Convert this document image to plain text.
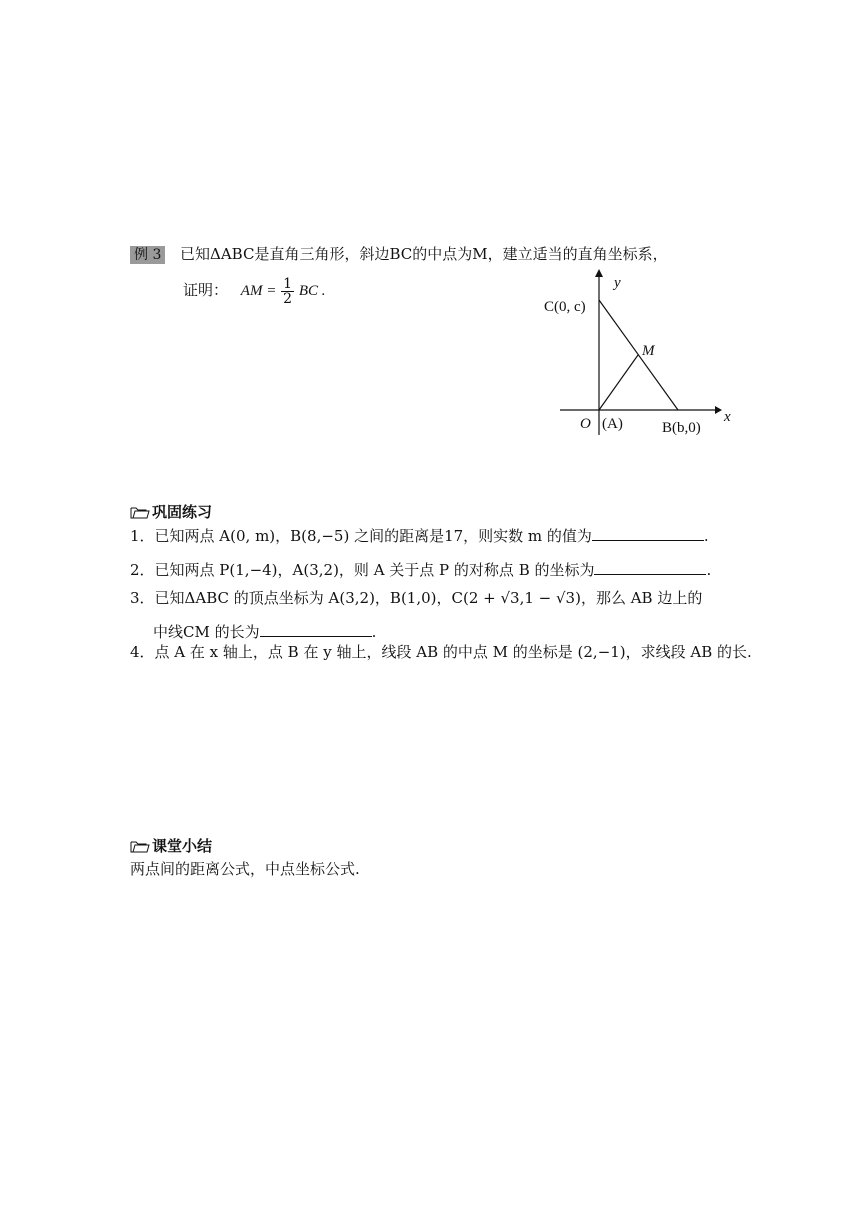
例 3 已知ΔABC是直角三角形，斜边BC的中点为M，建立适当的直角坐标系，
证明： AM = $\frac{1}{2}$ BC .	y
x
C(0, c)
M
O (A)	B(b,0)
巩固练习
1．已知两点 A(0, m)，B(8,−5) 之间的距离是17，则实数 m 的值为	.
2．已知两点 P(1,−4)，A(3,2)，则 A 关于点 P 的对称点 B 的坐标为	.
3．已知ΔABC 的顶点坐标为 A(3,2)，B(1,0)，C(2 + √3,1 − √3)，那么 AB 边上的
中线CM 的长为	.
4．点 A 在 x 轴上，点 B 在 y 轴上，线段 AB 的中点 M 的坐标是 (2,−1)，求线段 AB 的长.
课堂小结
两点间的距离公式，中点坐标公式.
